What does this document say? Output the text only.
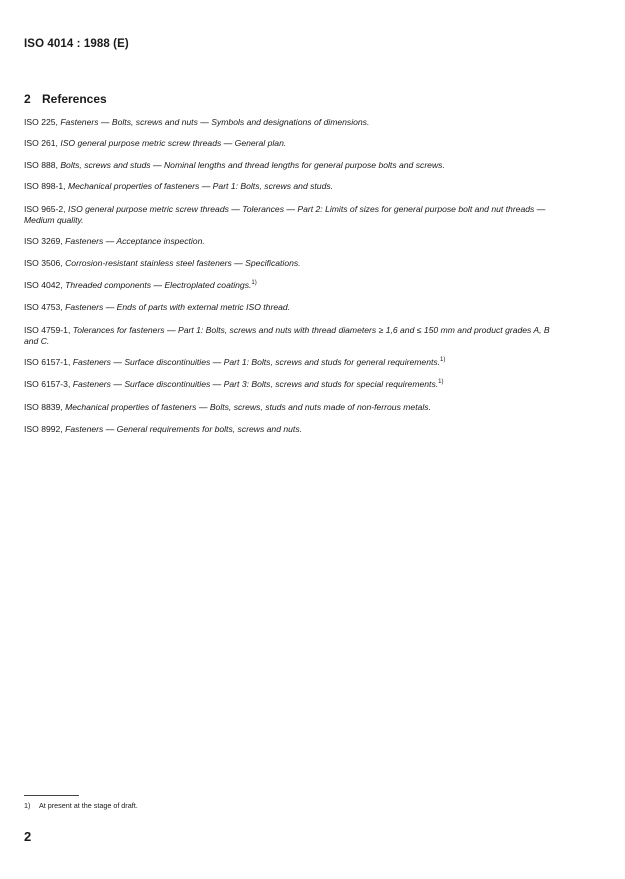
ISO 4014 : 1988 (E)
2 References

ISO 225, Fasteners — Bolts, screws and nuts — Symbols and designations of dimensions.

ISO 261, ISO general purpose metric screw threads — General plan.

ISO 888, Bolts, screws and studs — Nominal lengths and thread lengths for general purpose bolts and screws.

ISO 898-1, Mechanical properties of fasteners — Part 1: Bolts, screws and studs.

ISO 965-2, ISO general purpose metric screw threads — Tolerances — Part 2: Limits of sizes for general purpose bolt and nut threads — Medium quality.

ISO 3269, Fasteners — Acceptance inspection.

ISO 3506, Corrosion-resistant stainless steel fasteners — Specifications.

ISO 4042, Threaded components — Electroplated coatings.$^{1)}$

ISO 4753, Fasteners — Ends of parts with external metric ISO thread.

ISO 4759-1, Tolerances for fasteners — Part 1: Bolts, screws and nuts with thread diameters ≥ 1,6 and ≤ 150 mm and product grades A, B and C.

ISO 6157-1, Fasteners — Surface discontinuities — Part 1: Bolts, screws and studs for general requirements.$^{1)}$

ISO 6157-3, Fasteners — Surface discontinuities — Part 3: Bolts, screws and studs for special requirements.$^{1)}$

ISO 8839, Mechanical properties of fasteners — Bolts, screws, studs and nuts made of non-ferrous metals.

ISO 8992, Fasteners — General requirements for bolts, screws and nuts.

1) At present at the stage of draft.
2
